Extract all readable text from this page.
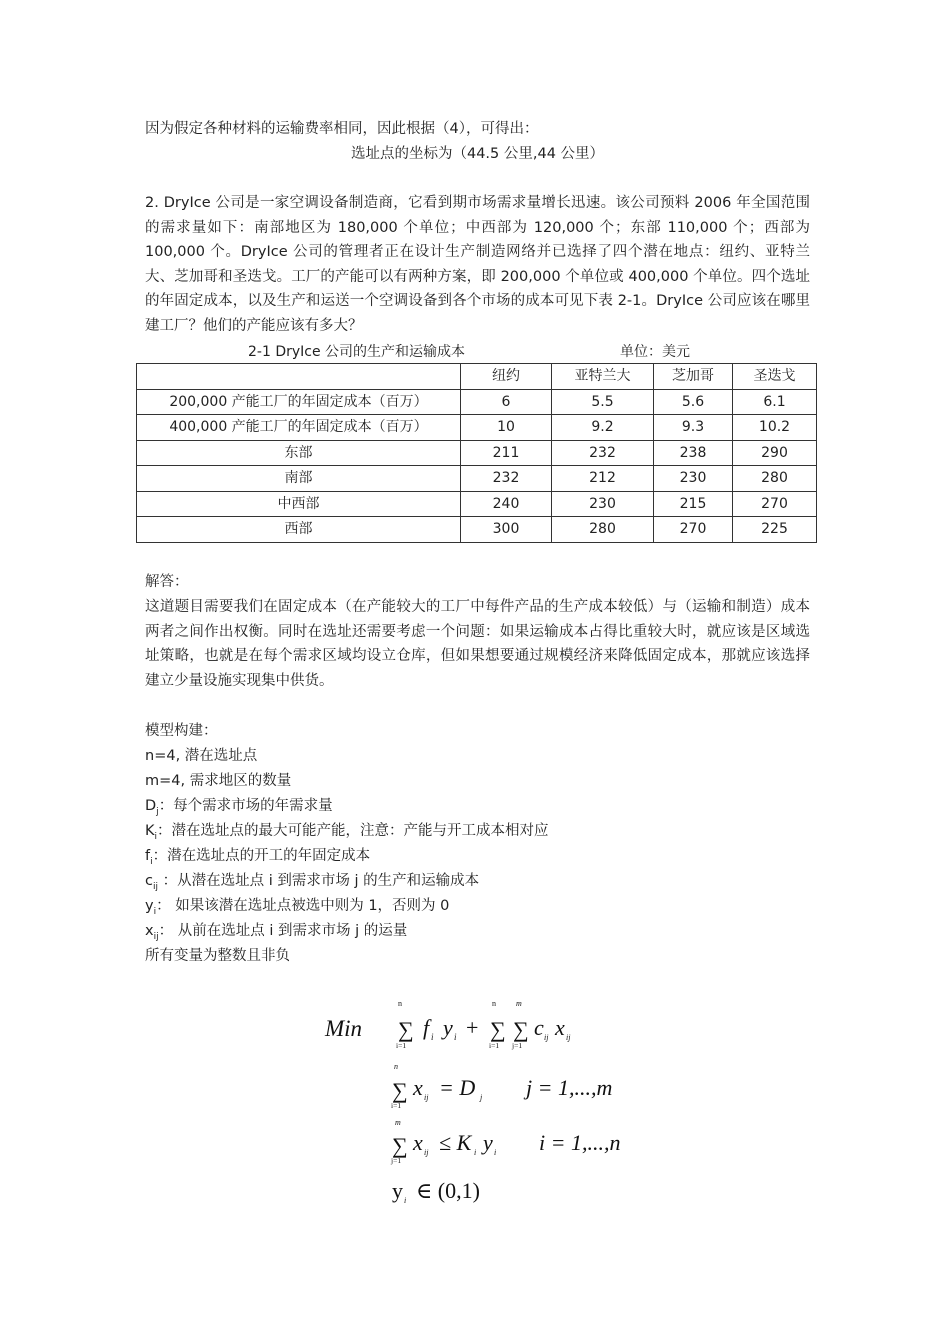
因为假定各种材料的运输费率相同，因此根据（4），可得出：

选址点的坐标为（44.5 公里,44 公里）

2. DryIce 公司是一家空调设备制造商，它看到期市场需求量增长迅速。该公司预料 2006 年全国范围的需求量如下：南部地区为 180,000 个单位；中西部为 120,000 个；东部 110,000 个；西部为 100,000 个。DryIce 公司的管理者正在设计生产制造网络并已选择了四个潜在地点：纽约、亚特兰大、芝加哥和圣迭戈。工厂的产能可以有两种方案，即 200,000 个单位或 400,000 个单位。四个选址的年固定成本，以及生产和运送一个空调设备到各个市场的成本可见下表 2-1。DryIce 公司应该在哪里建工厂？他们的产能应该有多大？

2-1 DryIce 公司的生产和运输成本	单位：美元
	纽约	亚特兰大	芝加哥	圣迭戈
200,000 产能工厂的年固定成本（百万）	6	5.5	5.6	6.1
400,000 产能工厂的年固定成本（百万）	10	9.2	9.3	10.2
东部	211	232	238	290
南部	232	212	230	280
中西部	240	230	215	270
西部	300	280	270	225

解答：

这道题目需要我们在固定成本（在产能较大的工厂中每件产品的生产成本较低）与（运输和制造）成本两者之间作出权衡。同时在选址还需要考虑一个问题：如果运输成本占得比重较大时，就应该是区域选址策略，也就是在每个需求区域均设立仓库，但如果想要通过规模经济来降低固定成本，那就应该选择建立少量设施实现集中供货。

模型构建：

n=4, 潜在选址点

m=4, 需求地区的数量

$D_j$：每个需求市场的年需求量

$K_i$：潜在选址点的最大可能产能，注意：产能与开工成本相对应

$f_i$：潜在选址点的开工的年固定成本

$c_{ij}$ ：从潜在选址点 i 到需求市场 j 的生产和运输成本

$y_i$： 如果该潜在选址点被选中则为 1，否则为 0

$x_{ij}$： 从前在选址点 i 到需求市场 j 的运量

所有变量为整数且非负

Min
n
∑
i=1
f i y i +
n
∑
i=1
m
∑
j=1
c ij x ij
n
∑
i=1
x ij = D j j = 1,...,m
m
∑
j=1
x ij ≤ K i y i i = 1,...,n
y i ∈ (0,1)
